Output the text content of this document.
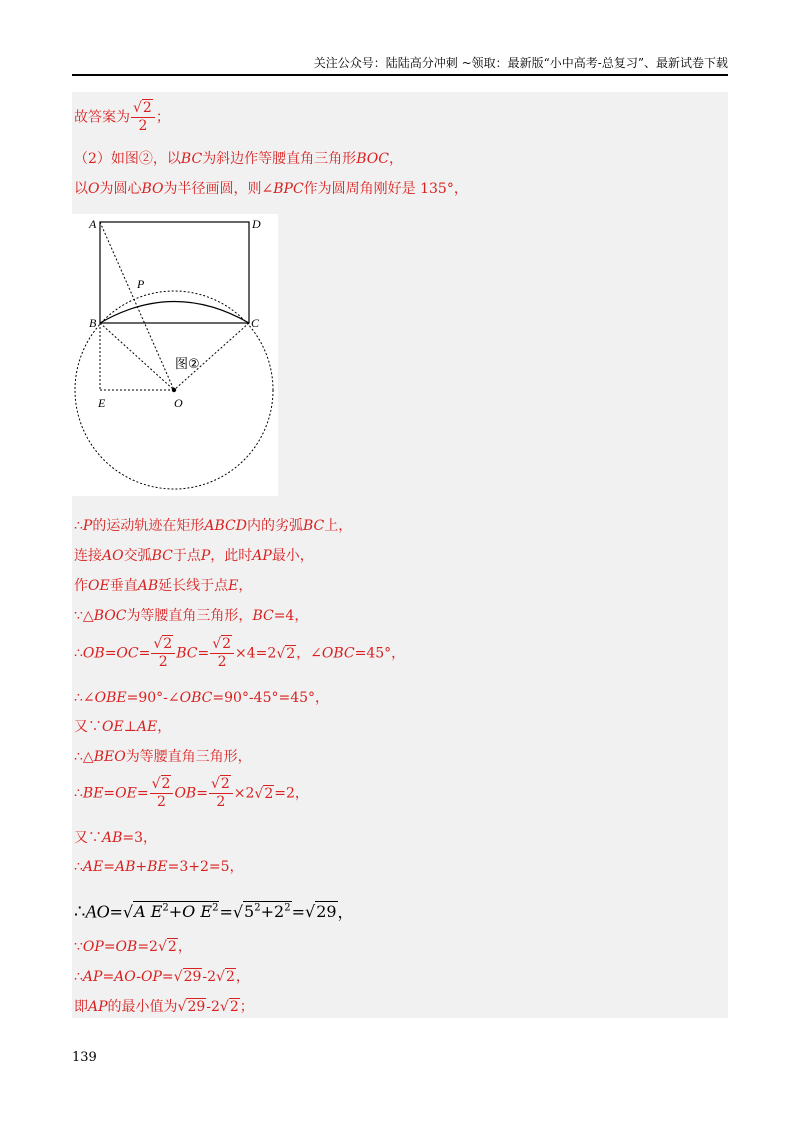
关注公众号：陆陆高分冲刺 ~领取：最新版“小中高考-总复习”、最新试卷下载
故答案为 $\frac{√2}{2}$ ；
（2）如图②，以BC为斜边作等腰直角三角形BOC，
以O为圆心BO为半径画圆，则∠BPC作为圆周角刚好是 135°，
A	D
B	C
P
E	O
图②
∴P的运动轨迹在矩形ABCD内的劣弧BC上，
连接AO交弧BC于点P，此时AP最小，
作OE垂直AB延长线于点E，
∵△BOC为等腰直角三角形，BC=4，
∴OB=OC= $\frac{√2}{2} BC= \frac{√2}{2} \times 4=2√2$，∠OBC=45°，
∴∠OBE=90°-∠OBC=90°-45°=45°，
又∵OE⊥AE，
∴△BEO为等腰直角三角形，
∴BE=OE= $\frac{√2}{2} OB= \frac{√2}{2} \times 2√2=2$，
又∵AB=3，
∴AE=AB+BE=3+2=5，
∴AO=√A $E^2+O$ $E^2=√5^2+2^2=√29$，
∵OP=OB=2√2，
∴AP=AO-OP=√29-2√2，
即AP的最小值为√29-2√2；
139
